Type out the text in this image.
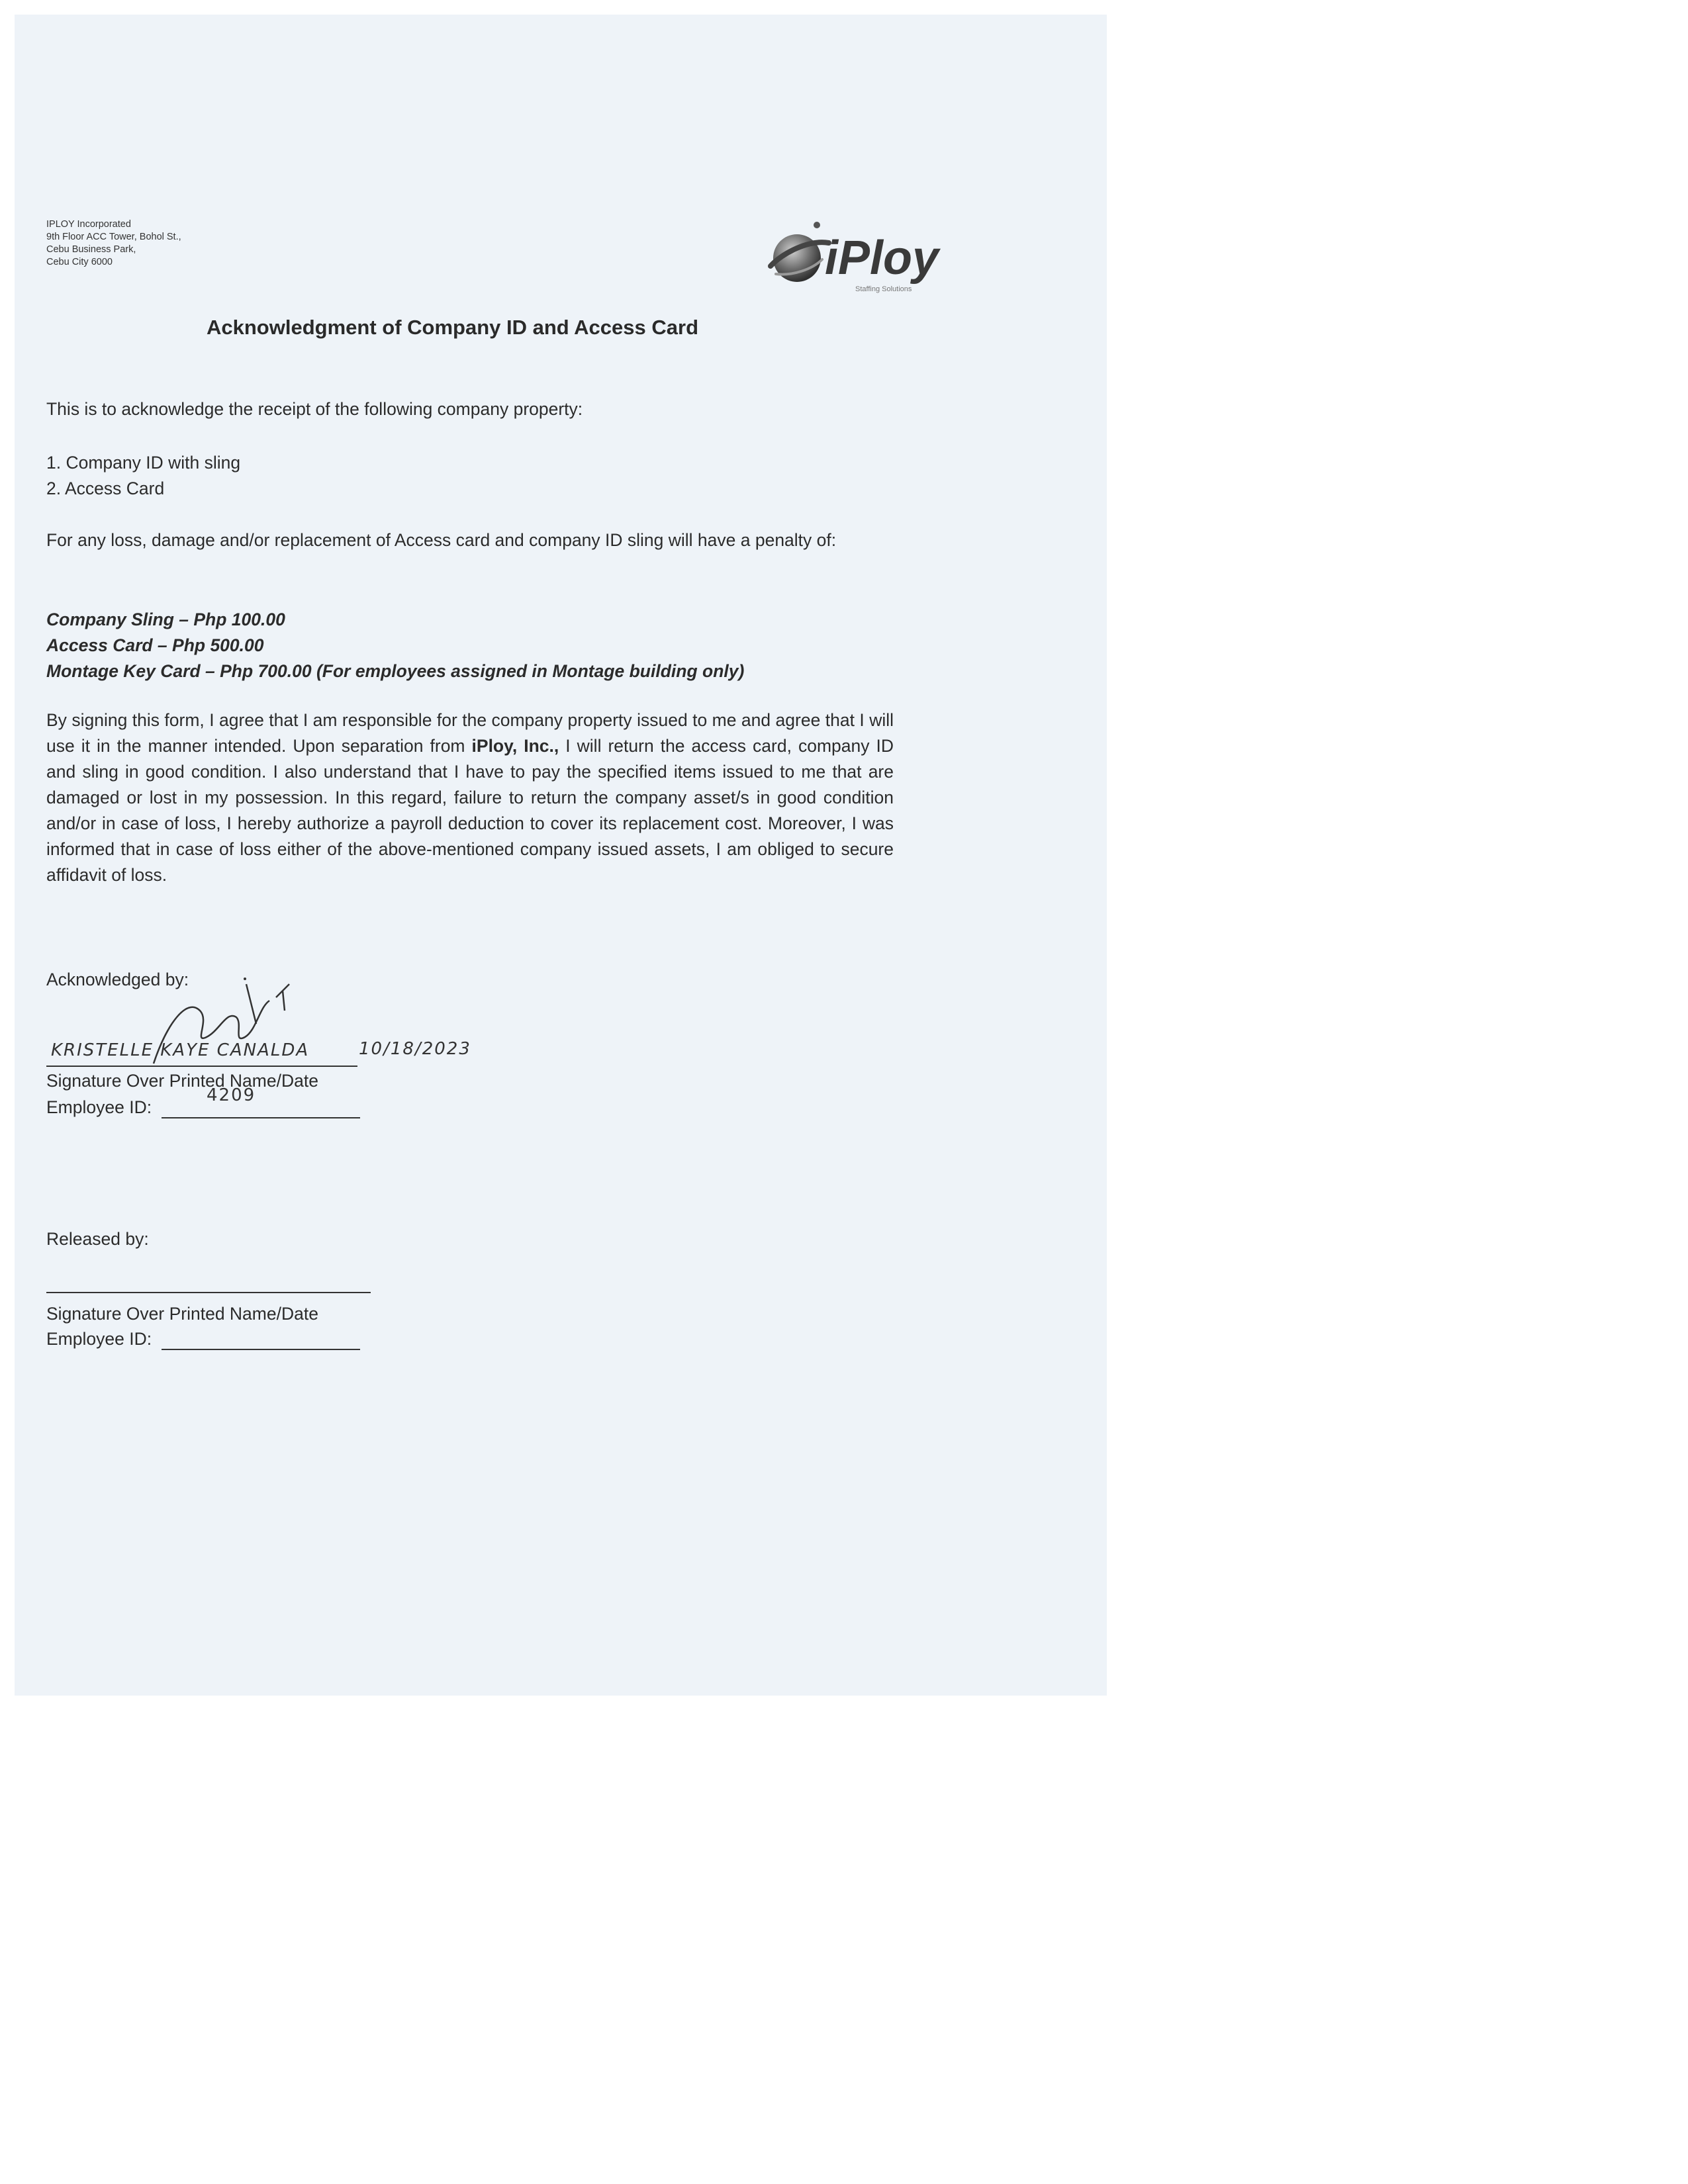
IPLOY Incorporated
9th Floor ACC Tower, Bohol St.,
Cebu Business Park,
Cebu City 6000	iPloy
Staffing Solutions
Acknowledgment of Company ID and Access Card
This is to acknowledge the receipt of the following company property:
1. Company ID with sling
2. Access Card
For any loss, damage and/or replacement of Access card and company ID sling will have a penalty of:
Company Sling – Php 100.00
Access Card – Php 500.00
Montage Key Card – Php 700.00 (For employees assigned in Montage building only)
By signing this form, I agree that I am responsible for the company property issued to me and agree that I will use it in the manner intended. Upon separation from iPloy, Inc., I will return the access card, company ID and sling in good condition. I also understand that I have to pay the specified items issued to me that are damaged or lost in my possession. In this regard, failure to return the company asset/s in good condition and/or in case of loss, I hereby authorize a payroll deduction to cover its replacement cost. Moreover, I was informed that in case of loss either of the above-mentioned company issued assets, I am obliged to secure affidavit of loss.
Acknowledged by:
KRISTELLE KAYE CANALDA	10/18/2023
Signature Over Printed Name/Date
Employee ID:
4209
Released by:
Signature Over Printed Name/Date
Employee ID:
